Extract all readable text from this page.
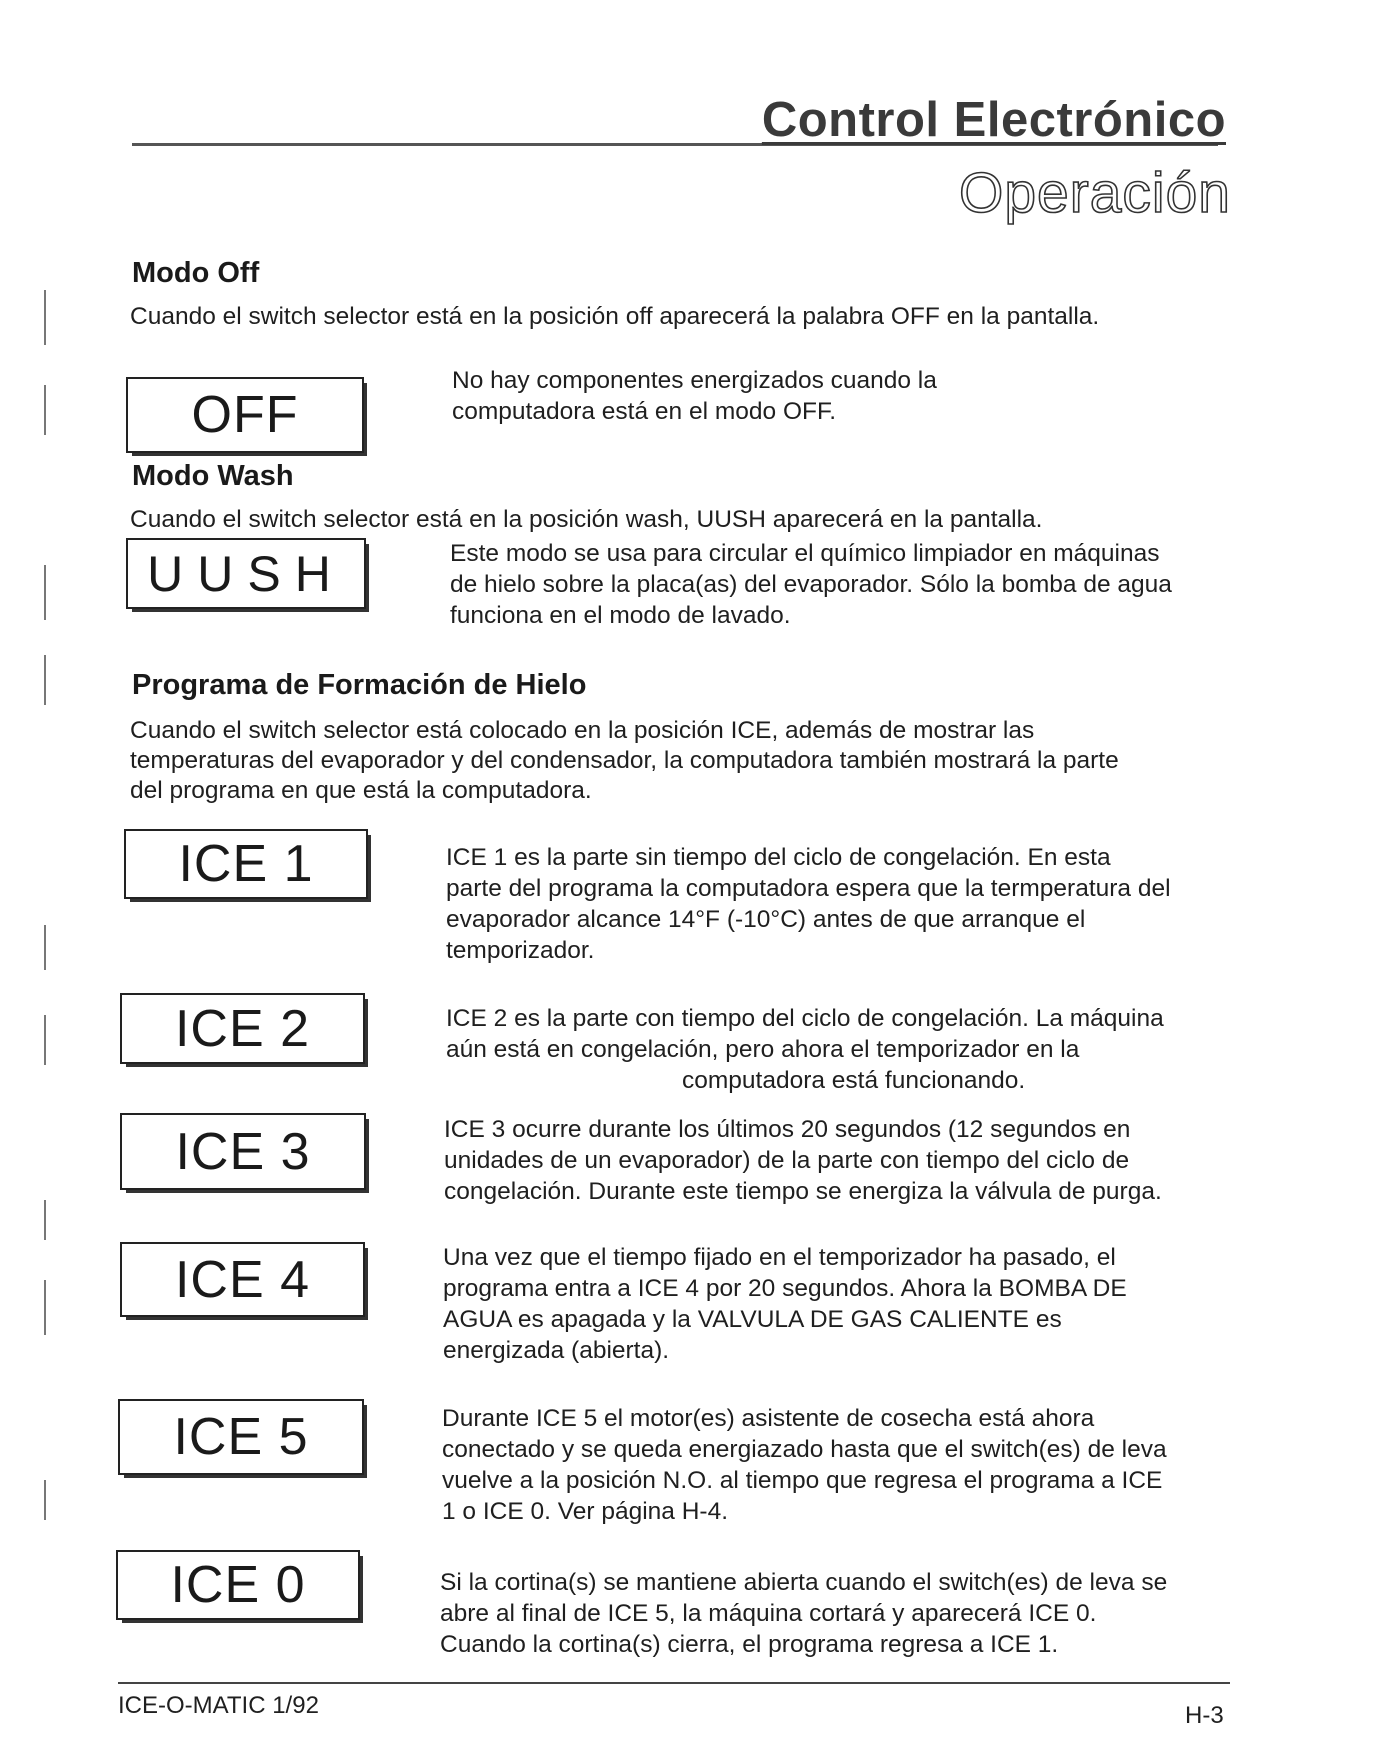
Control Electrónico
Operación
Modo Off
Cuando el switch selector está en la posición off aparecerá la palabra OFF en la pantalla.
OFF

No hay componentes energizados cuando la

computadora está en el modo OFF.

Modo Wash
Cuando el switch selector está en la posición wash, UUSH aparecerá en la pantalla.
UUSH	Este modo se usa para circular el químico limpiador en máquinas

de hielo sobre la placa(as) del evaporador. Sólo la bomba de agua

funciona en el modo de lavado.

Programa de Formación de Hielo
Cuando el switch selector está colocado en la posición ICE, además de mostrar las
temperaturas del evaporador y del condensador, la computadora también mostrará la parte
del programa en que está la computadora.
ICE 1	ICE 1 es la parte sin tiempo del ciclo de congelación. En esta

parte del programa la computadora espera que la termperatura del

evaporador alcance 14°F (-10°C) antes de que arranque el

temporizador.

ICE 2	ICE 2 es la parte con tiempo del ciclo de congelación. La máquina

aún está en congelación, pero ahora el temporizador en la

computadora está funcionando.

ICE 3	ICE 3 ocurre durante los últimos 20 segundos (12 segundos en

unidades de un evaporador) de la parte con tiempo del ciclo de

congelación. Durante este tiempo se energiza la válvula de purga.

ICE 4	Una vez que el tiempo fijado en el temporizador ha pasado, el

programa entra a ICE 4 por 20 segundos. Ahora la BOMBA DE

AGUA es apagada y la VALVULA DE GAS CALIENTE es

energizada (abierta).

ICE 5	Durante ICE 5 el motor(es) asistente de cosecha está ahora

conectado y se queda energiazado hasta que el switch(es) de leva

vuelve a la posición N.O. al tiempo que regresa el programa a ICE

1 o ICE 0. Ver página H-4.

ICE 0	Si la cortina(s) se mantiene abierta cuando el switch(es) de leva se

abre al final de ICE 5, la máquina cortará y aparecerá ICE 0.

Cuando la cortina(s) cierra, el programa regresa a ICE 1.

ICE-O-MATIC 1/92	H-3
